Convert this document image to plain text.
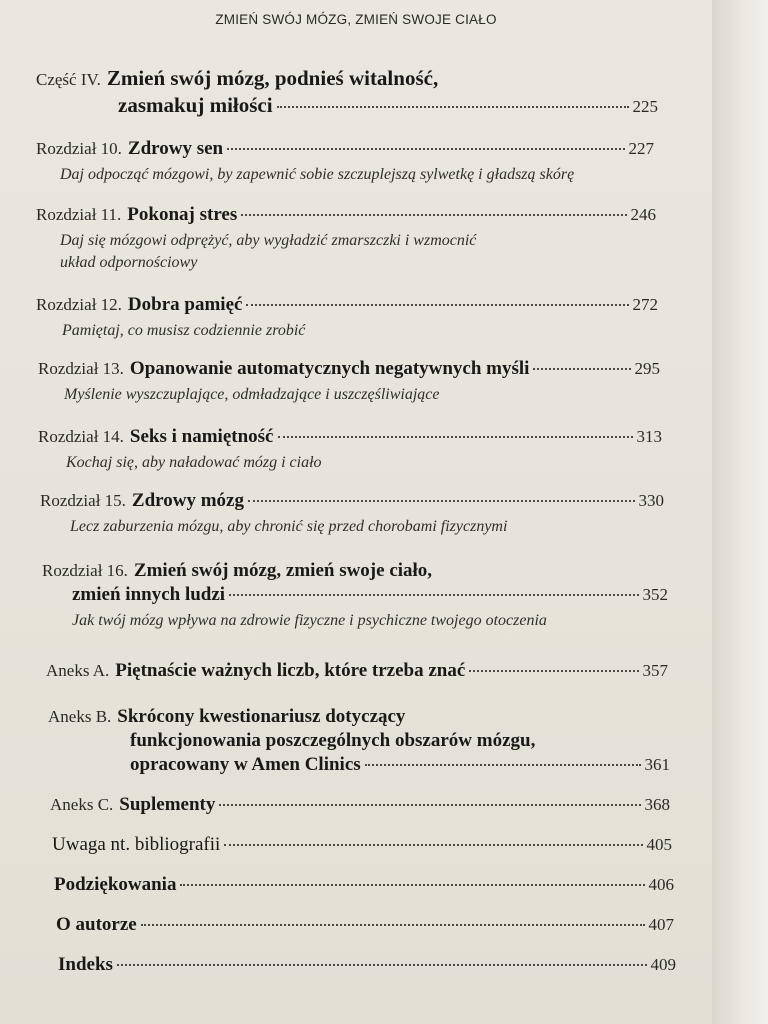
ZMIEŃ SWÓJ MÓZG, ZMIEŃ SWOJE CIAŁO
Część IV. Zmień swój mózg, podnieś witalność,
zasmakuj miłości	225
Rozdział 10. Zdrowy sen	227
Daj odpocząć mózgowi, by zapewnić sobie szczuplejszą sylwetkę i gładszą skórę
Rozdział 11. Pokonaj stres	246
Daj się mózgowi odprężyć, aby wygładzić zmarszczki i wzmocnić
układ odpornościowy
Rozdział 12. Dobra pamięć	272
Pamiętaj, co musisz codziennie zrobić
Rozdział 13. Opanowanie automatycznych negatywnych myśli	295
Myślenie wyszczuplające, odmładzające i uszczęśliwiające
Rozdział 14. Seks i namiętność	313
Kochaj się, aby naładować mózg i ciało
Rozdział 15. Zdrowy mózg	330
Lecz zaburzenia mózgu, aby chronić się przed chorobami fizycznymi
Rozdział 16. Zmień swój mózg, zmień swoje ciało,
zmień innych ludzi	352
Jak twój mózg wpływa na zdrowie fizyczne i psychiczne twojego otoczenia
Aneks A. Piętnaście ważnych liczb, które trzeba znać	357
Aneks B. Skrócony kwestionariusz dotyczący
funkcjonowania poszczególnych obszarów mózgu,
opracowany w Amen Clinics	361
Aneks C. Suplementy	368
Uwaga nt. bibliografii	405
Podziękowania	406
O autorze	407
Indeks	409
